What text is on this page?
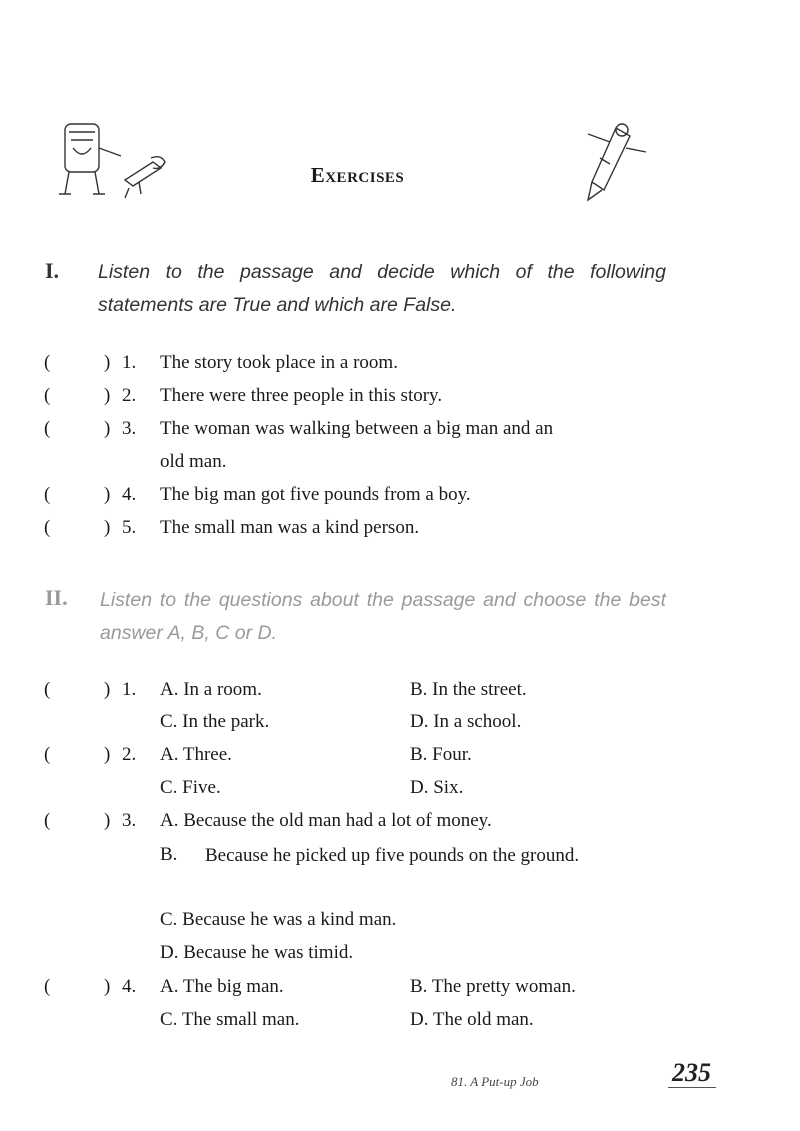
Exercises
I. Listen to the passage and decide which of the following statements are True and which are False.
(	) 1. The story took place in a room.
(	) 2. There were three people in this story.
(	) 3. The woman was walking between a big man and an
old man.
(	) 4. The big man got five pounds from a boy.
(	) 5. The small man was a kind person.
II. Listen to the questions about the passage and choose the best answer A, B, C or D.
(	) 1. A. In a room.	B. In the street.
C. In the park.	D. In a school.
(	) 2. A. Three.	B. Four.
C. Five.	D. Six.
(	) 3. A. Because the old man had a lot of money.
B. Because he picked up five pounds on the ground.
C. Because he was a kind man.
D. Because he was timid.
(	) 4. A. The big man.	B. The pretty woman.
C. The small man.	D. The old man.
81. A Put-up Job	235
